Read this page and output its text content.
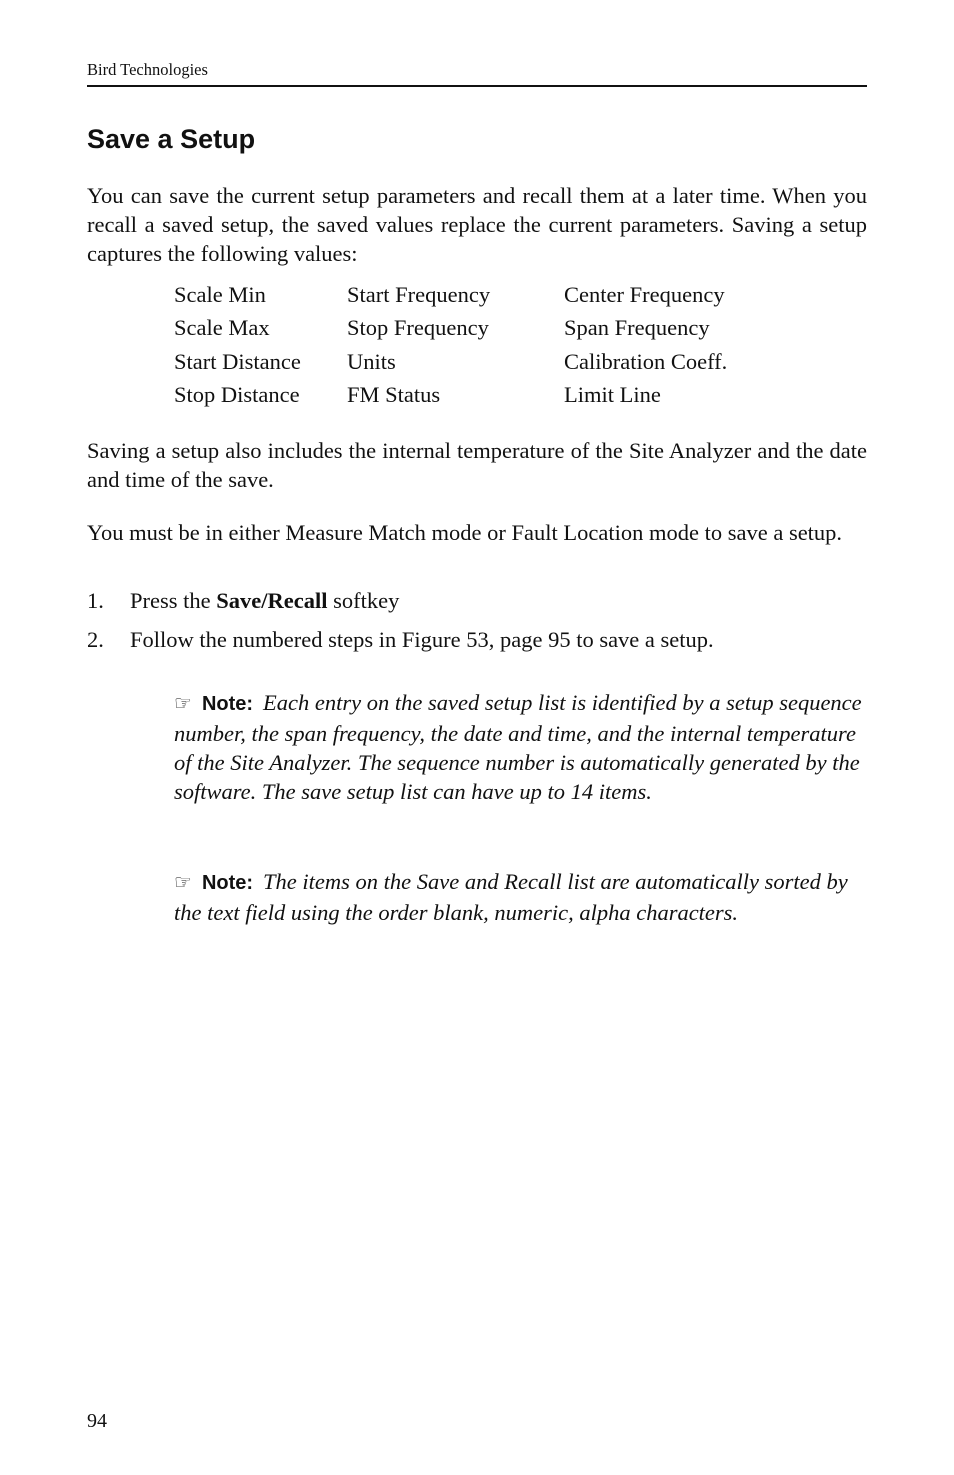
Bird Technologies
Save a Setup

You can save the current setup parameters and recall them at a later time. When you recall a saved setup, the saved values replace the current parameters. Saving a setup captures the following values:

Scale Min	Start Frequency	Center Frequency
Scale Max	Stop Frequency	Span Frequency
Start Distance	Units	Calibration Coeff.
Stop Distance	FM Status	Limit Line

Saving a setup also includes the internal temperature of the Site Analyzer and the date and time of the save.

You must be in either Measure Match mode or Fault Location mode to save a setup.

1. Press the Save/Recall softkey
2. Follow the numbered steps in Figure 53, page 95 to save a setup.

☞ Note: Each entry on the saved setup list is identified by a setup sequence number, the span frequency, the date and time, and the internal temperature of the Site Analyzer. The sequence number is automatically generated by the software. The save setup list can have up to 14 items.

☞ Note: The items on the Save and Recall list are automatically sorted by the text field using the order blank, numeric, alpha characters.

94
